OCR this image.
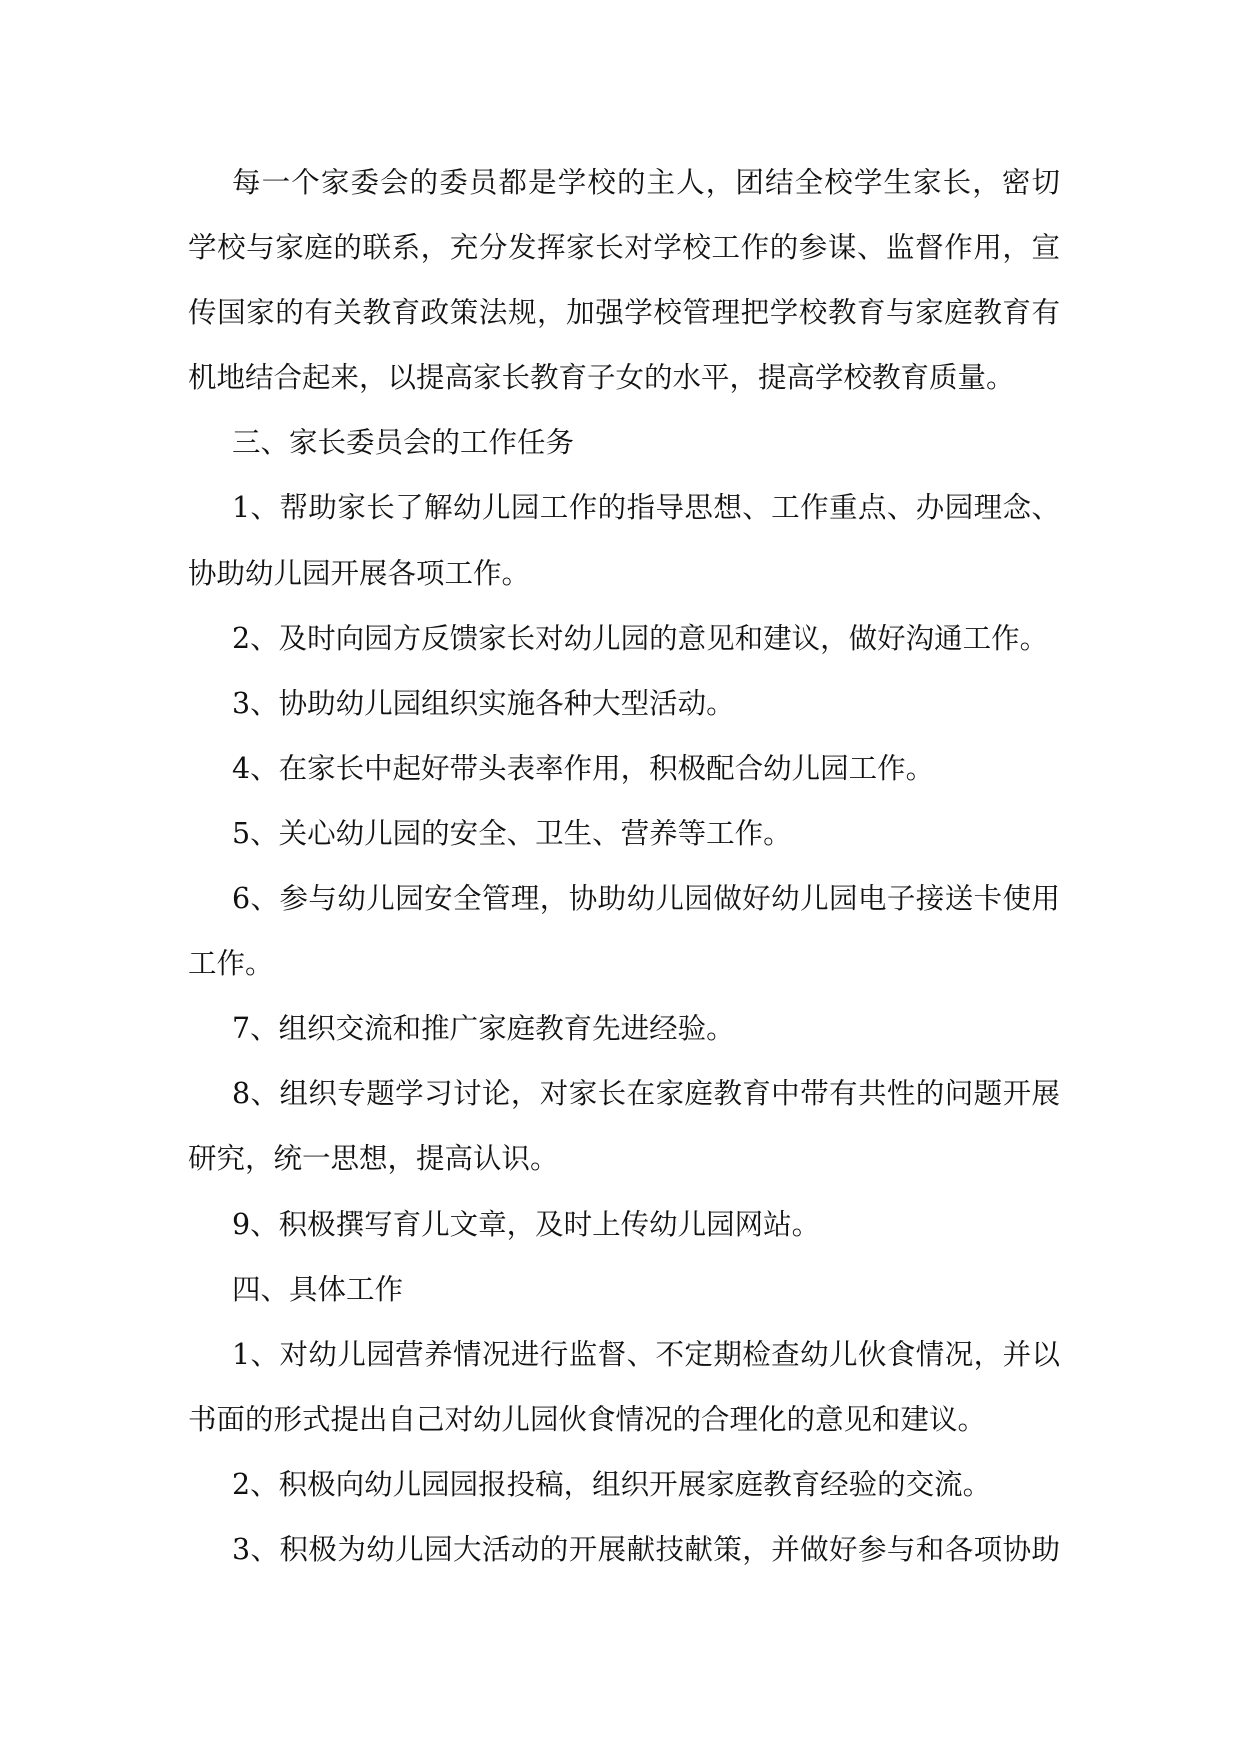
每一个家委会的委员都是学校的主人，团结全校学生家长，密切
学校与家庭的联系，充分发挥家长对学校工作的参谋、监督作用，宣
传国家的有关教育政策法规，加强学校管理把学校教育与家庭教育有
机地结合起来，以提高家长教育子女的水平，提高学校教育质量。
三、家长委员会的工作任务
1、帮助家长了解幼儿园工作的指导思想、工作重点、办园理念、
协助幼儿园开展各项工作。
2、及时向园方反馈家长对幼儿园的意见和建议，做好沟通工作。
3、协助幼儿园组织实施各种大型活动。
4、在家长中起好带头表率作用，积极配合幼儿园工作。
5、关心幼儿园的安全、卫生、营养等工作。
6、参与幼儿园安全管理，协助幼儿园做好幼儿园电子接送卡使用
工作。
7、组织交流和推广家庭教育先进经验。
8、组织专题学习讨论，对家长在家庭教育中带有共性的问题开展
研究，统一思想，提高认识。
9、积极撰写育儿文章，及时上传幼儿园网站。
四、具体工作
1、对幼儿园营养情况进行监督、不定期检查幼儿伙食情况，并以
书面的形式提出自己对幼儿园伙食情况的合理化的意见和建议。
2、积极向幼儿园园报投稿，组织开展家庭教育经验的交流。
3、积极为幼儿园大活动的开展献技献策，并做好参与和各项协助
